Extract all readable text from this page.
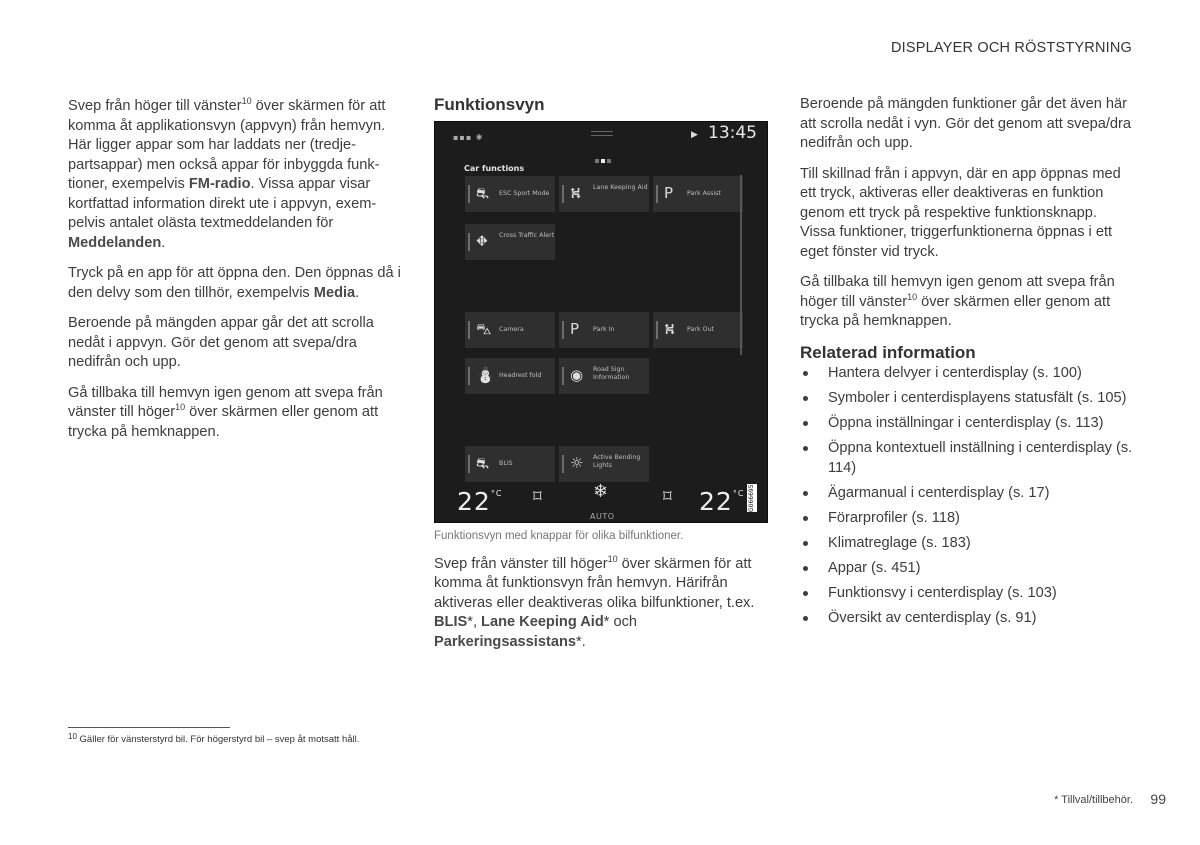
DISPLAYER OCH RÖSTSTYRNING

Svep från höger till vänster$^{10}$ över skärmen för att komma åt applikationsvyn (appvyn) från hemvyn. Här ligger appar som har laddats ner (tredje-partsappar) men också appar för inbyggda funk-tioner, exempelvis FM-radio. Vissa appar visar kortfattad information direkt ute i appvyn, exem-pelvis antalet olästa textmeddelanden för Meddelanden.

Tryck på en app för att öppna den. Den öppnas då i den delvy som den tillhör, exempelvis Media.

Beroende på mängden appar går det att scrolla nedåt i appvyn. Gör det genom att svepa/dra nedifrån och upp.

Gå tillbaka till hemvyn igen genom att svepa från vänster till höger$^{10}$ över skärmen eller genom att trycka på hemknappen.

Funktionsvyn
▪▪▪ ✱	▶ 13:45
Car functions
⛐ ESC Sport Mode	⛕ Lane Keeping Aid P Park Assist
⛖ Cross Traffic Alert
⛍ Camera	P Park In	⛕ Park Out
⛄ Headrest fold	◉ Road Sign Information
⛐ BLIS	☼ Active Bending Lights
$22^{^\circ C}$ ⌑	❄
AUTO
⌑ $22^{^\circ C}$ G066695
Funktionsvyn med knappar för olika bilfunktioner.

Svep från vänster till höger$^{10}$ över skärmen för att komma åt funktionsvyn från hemvyn. Härifrån aktiveras eller deaktiveras olika bilfunktioner, t.ex. BLIS*, Lane Keeping Aid* och Parkeringsassistans*.

Beroende på mängden funktioner går det även här att scrolla nedåt i vyn. Gör det genom att svepa/dra nedifrån och upp.

Till skillnad från i appvyn, där en app öppnas med ett tryck, aktiveras eller deaktiveras en funktion genom ett tryck på respektive funktionsknapp. Vissa funktioner, triggerfunktionerna öppnas i ett eget fönster vid tryck.

Gå tillbaka till hemvyn igen genom att svepa från höger till vänster$^{10}$ över skärmen eller genom att trycka på hemknappen.

Relaterad information
Hantera delvyer i centerdisplay (s. 100)
Symboler i centerdisplayens statusfält (s. 105)
Öppna inställningar i centerdisplay (s. 113)
Öppna kontextuell inställning i centerdisplay (s. 114)
Ägarmanual i centerdisplay (s. 17)
Förarprofiler (s. 118)
Klimatreglage (s. 183)
Appar (s. 451)
Funktionsvy i centerdisplay (s. 103)
Översikt av centerdisplay (s. 91)
$^{10}$ Gäller för vänsterstyrd bil. För högerstyrd bil – svep åt motsatt håll.
* Tillval/tillbehör. 99
